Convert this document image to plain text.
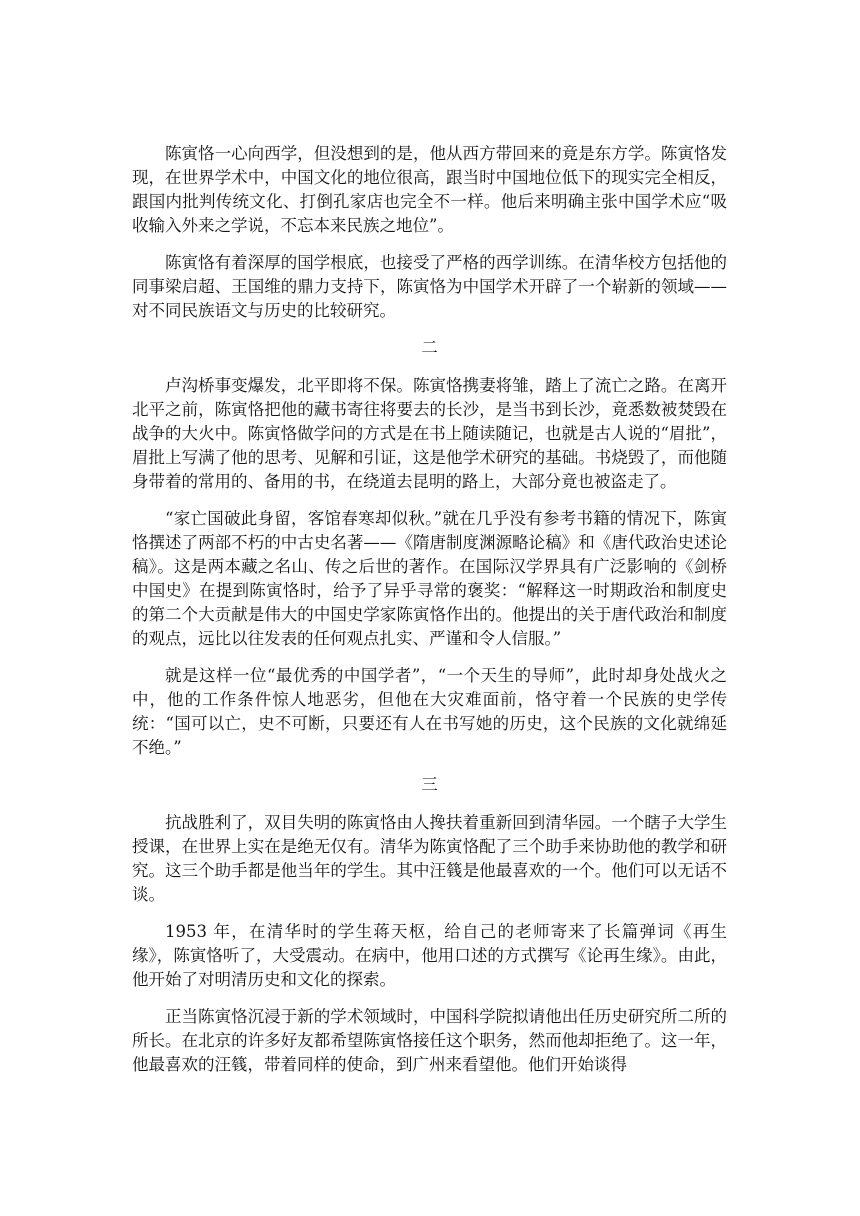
陈寅恪一心向西学，但没想到的是，他从西方带回来的竟是东方学。陈寅恪发现，在世界学术中，中国文化的地位很高，跟当时中国地位低下的现实完全相反，跟国内批判传统文化、打倒孔家店也完全不一样。他后来明确主张中国学术应“吸收输入外来之学说，不忘本来民族之地位”。

陈寅恪有着深厚的国学根底，也接受了严格的西学训练。在清华校方包括他的同事梁启超、王国维的鼎力支持下，陈寅恪为中国学术开辟了一个崭新的领域——对不同民族语文与历史的比较研究。

二

卢沟桥事变爆发，北平即将不保。陈寅恪携妻将雏，踏上了流亡之路。在离开北平之前，陈寅恪把他的藏书寄往将要去的长沙，是当书到长沙，竟悉数被焚毁在战争的大火中。陈寅恪做学问的方式是在书上随读随记，也就是古人说的“眉批”，眉批上写满了他的思考、见解和引证，这是他学术研究的基础。书烧毁了，而他随身带着的常用的、备用的书，在绕道去昆明的路上，大部分竟也被盗走了。

“家亡国破此身留，客馆春寒却似秋。”就在几乎没有参考书籍的情况下，陈寅恪撰述了两部不朽的中古史名著——《隋唐制度渊源略论稿》和《唐代政治史述论稿》。这是两本藏之名山、传之后世的著作。在国际汉学界具有广泛影响的《剑桥中国史》在提到陈寅恪时，给予了异乎寻常的褒奖：“解释这一时期政治和制度史的第二个大贡献是伟大的中国史学家陈寅恪作出的。他提出的关于唐代政治和制度的观点，远比以往发表的任何观点扎实、严谨和令人信服。”

就是这样一位“最优秀的中国学者”，“一个天生的导师”，此时却身处战火之中，他的工作条件惊人地恶劣，但他在大灾难面前，恪守着一个民族的史学传统：“国可以亡，史不可断，只要还有人在书写她的历史，这个民族的文化就绵延不绝。”

三

抗战胜利了，双目失明的陈寅恪由人搀扶着重新回到清华园。一个瞎子大学生授课，在世界上实在是绝无仅有。清华为陈寅恪配了三个助手来协助他的教学和研究。这三个助手都是他当年的学生。其中汪篯是他最喜欢的一个。他们可以无话不谈。

1953 年，在清华时的学生蒋天枢，给自己的老师寄来了长篇弹词《再生缘》，陈寅恪听了，大受震动。在病中，他用口述的方式撰写《论再生缘》。由此，他开始了对明清历史和文化的探索。

正当陈寅恪沉浸于新的学术领域时，中国科学院拟请他出任历史研究所二所的所长。在北京的许多好友都希望陈寅恪接任这个职务，然而他却拒绝了。这一年，他最喜欢的汪篯，带着同样的使命，到广州来看望他。他们开始谈得
